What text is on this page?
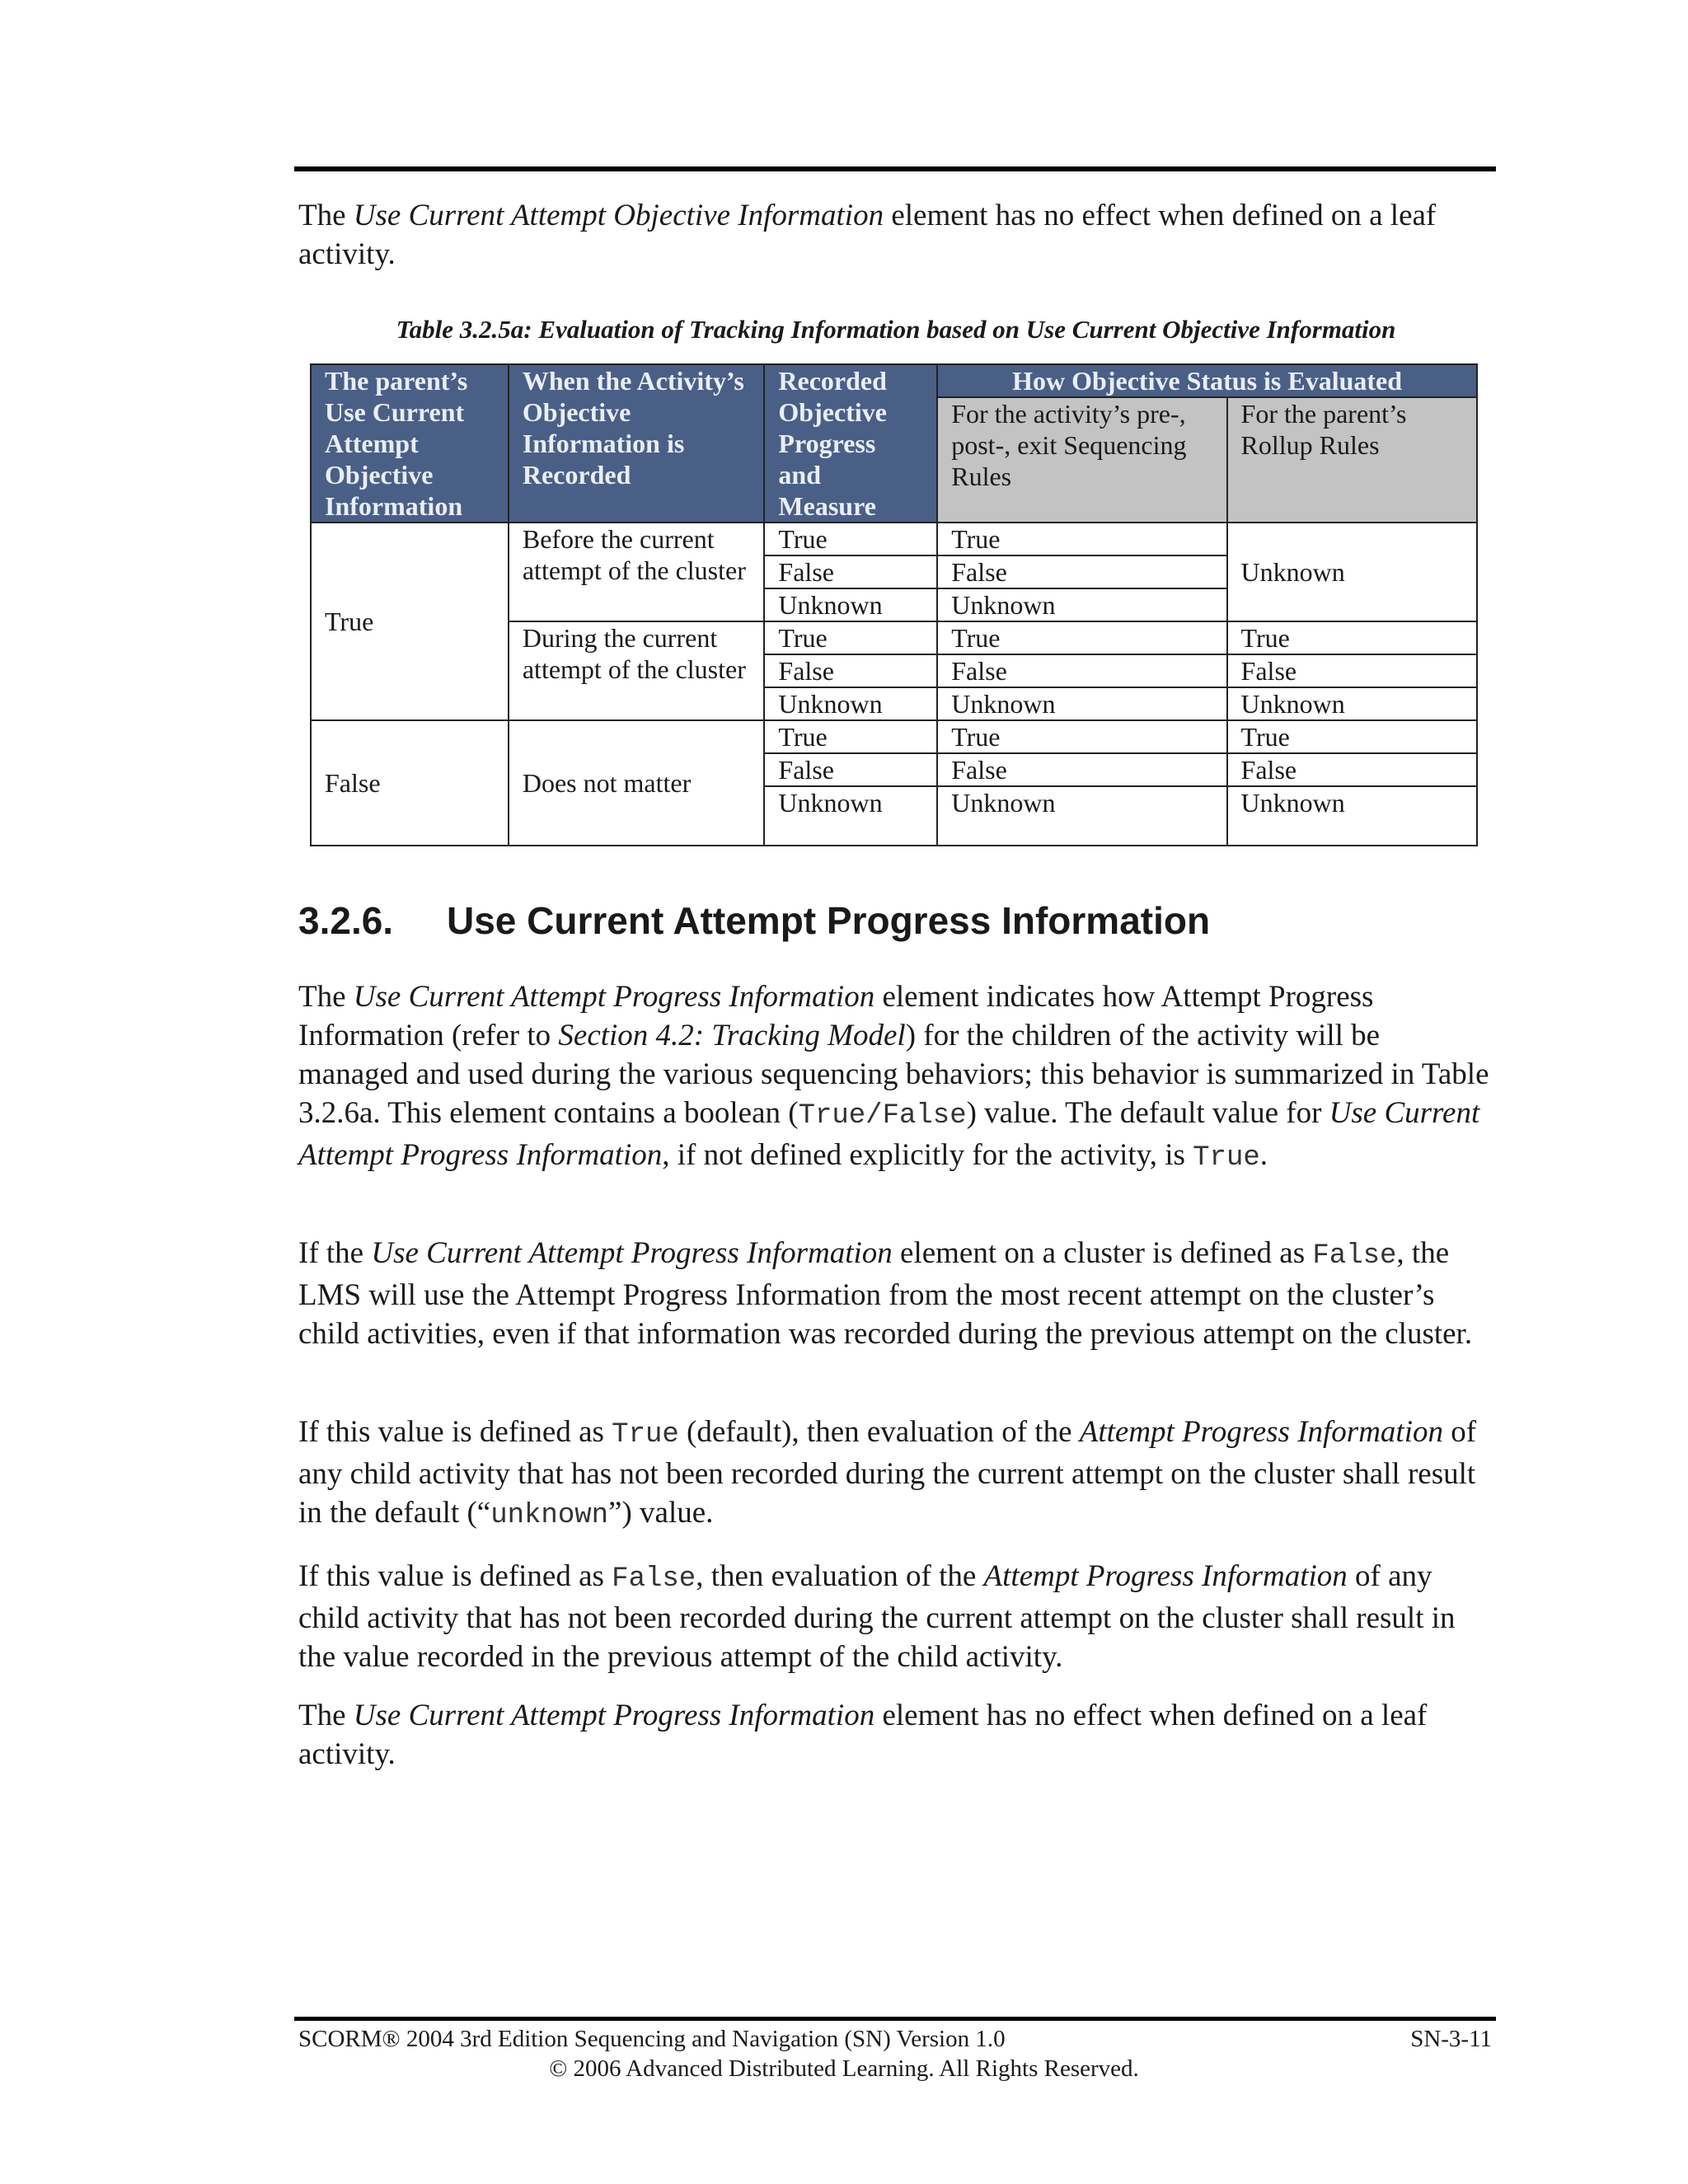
The Use Current Attempt Objective Information element has no effect when defined on a leaf activity.

Table 3.2.5a: Evaluation of Tracking Information based on Use Current Objective Information

The parent’s Use Current Attempt Objective Information	When the Activity’s Objective Information is Recorded	Recorded Objective Progress and Measure	How Objective Status is Evaluated	
			For the activity’s pre-, post-, exit Sequencing Rules	For the parent’s Rollup Rules
True	Before the current attempt of the cluster	True	True	Unknown
		False	False	
		Unknown	Unknown	
	During the current attempt of the cluster	True	True	True
		False	False	False
		Unknown	Unknown	Unknown
False	Does not matter	True	True	True
		False	False	False
		Unknown	Unknown	Unknown
3.2.6. Use Current Attempt Progress Information

The Use Current Attempt Progress Information element indicates how Attempt Progress Information (refer to Section 4.2: Tracking Model) for the children of the activity will be managed and used during the various sequencing behaviors; this behavior is summarized in Table 3.2.6a. This element contains a boolean (True/False) value. The default value for Use Current Attempt Progress Information, if not defined explicitly for the activity, is True.

If the Use Current Attempt Progress Information element on a cluster is defined as False, the LMS will use the Attempt Progress Information from the most recent attempt on the cluster’s child activities, even if that information was recorded during the previous attempt on the cluster.

If this value is defined as True (default), then evaluation of the Attempt Progress Information of any child activity that has not been recorded during the current attempt on the cluster shall result in the default (“unknown”) value.

If this value is defined as False, then evaluation of the Attempt Progress Information of any child activity that has not been recorded during the current attempt on the cluster shall result in the value recorded in the previous attempt of the child activity.

The Use Current Attempt Progress Information element has no effect when defined on a leaf activity.

SCORM® 2004 3rd Edition Sequencing and Navigation (SN) Version 1.0	SN-3-11

© 2006 Advanced Distributed Learning. All Rights Reserved.
